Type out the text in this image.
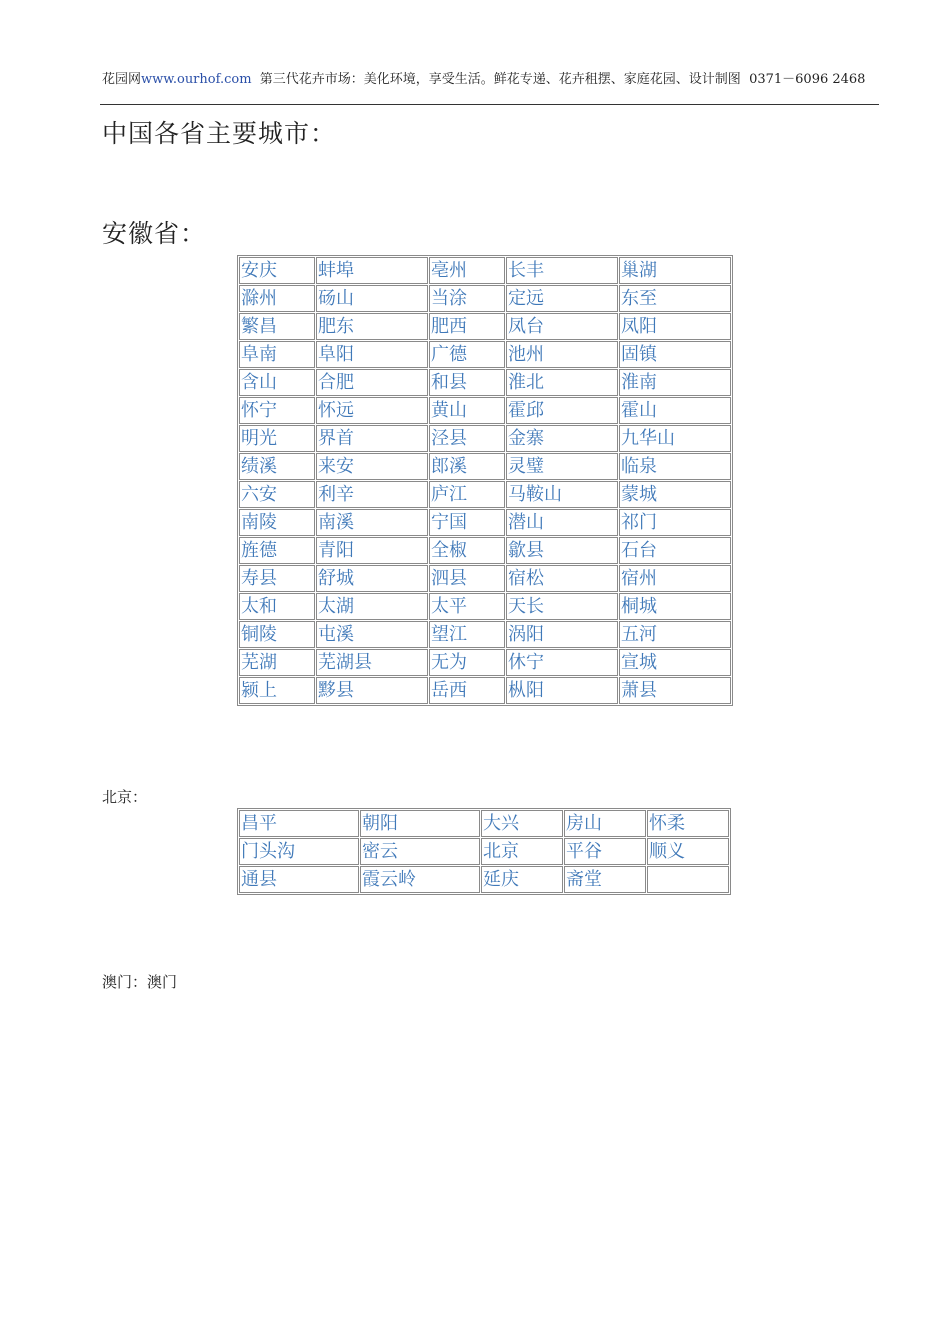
花园网www.ourhof.com 第三代花卉市场：美化环境，享受生活。鲜花专递、花卉租摆、家庭花园、设计制图 0371－6096 2468
中国各省主要城市：
安徽省：
安庆	蚌埠	亳州	长丰	巢湖
滁州	砀山	当涂	定远	东至
繁昌	肥东	肥西	凤台	凤阳
阜南	阜阳	广德	池州	固镇
含山	合肥	和县	淮北	淮南
怀宁	怀远	黄山	霍邱	霍山
明光	界首	泾县	金寨	九华山
绩溪	来安	郎溪	灵璧	临泉
六安	利辛	庐江	马鞍山	蒙城
南陵	南溪	宁国	潜山	祁门
旌德	青阳	全椒	歙县	石台
寿县	舒城	泗县	宿松	宿州
太和	太湖	太平	天长	桐城
铜陵	屯溪	望江	涡阳	五河
芜湖	芜湖县	无为	休宁	宣城
颍上	黟县	岳西	枞阳	萧县
北京：
昌平	朝阳	大兴	房山	怀柔
门头沟	密云	北京	平谷	顺义
通县	霞云岭	延庆	斋堂	
澳门：澳门
